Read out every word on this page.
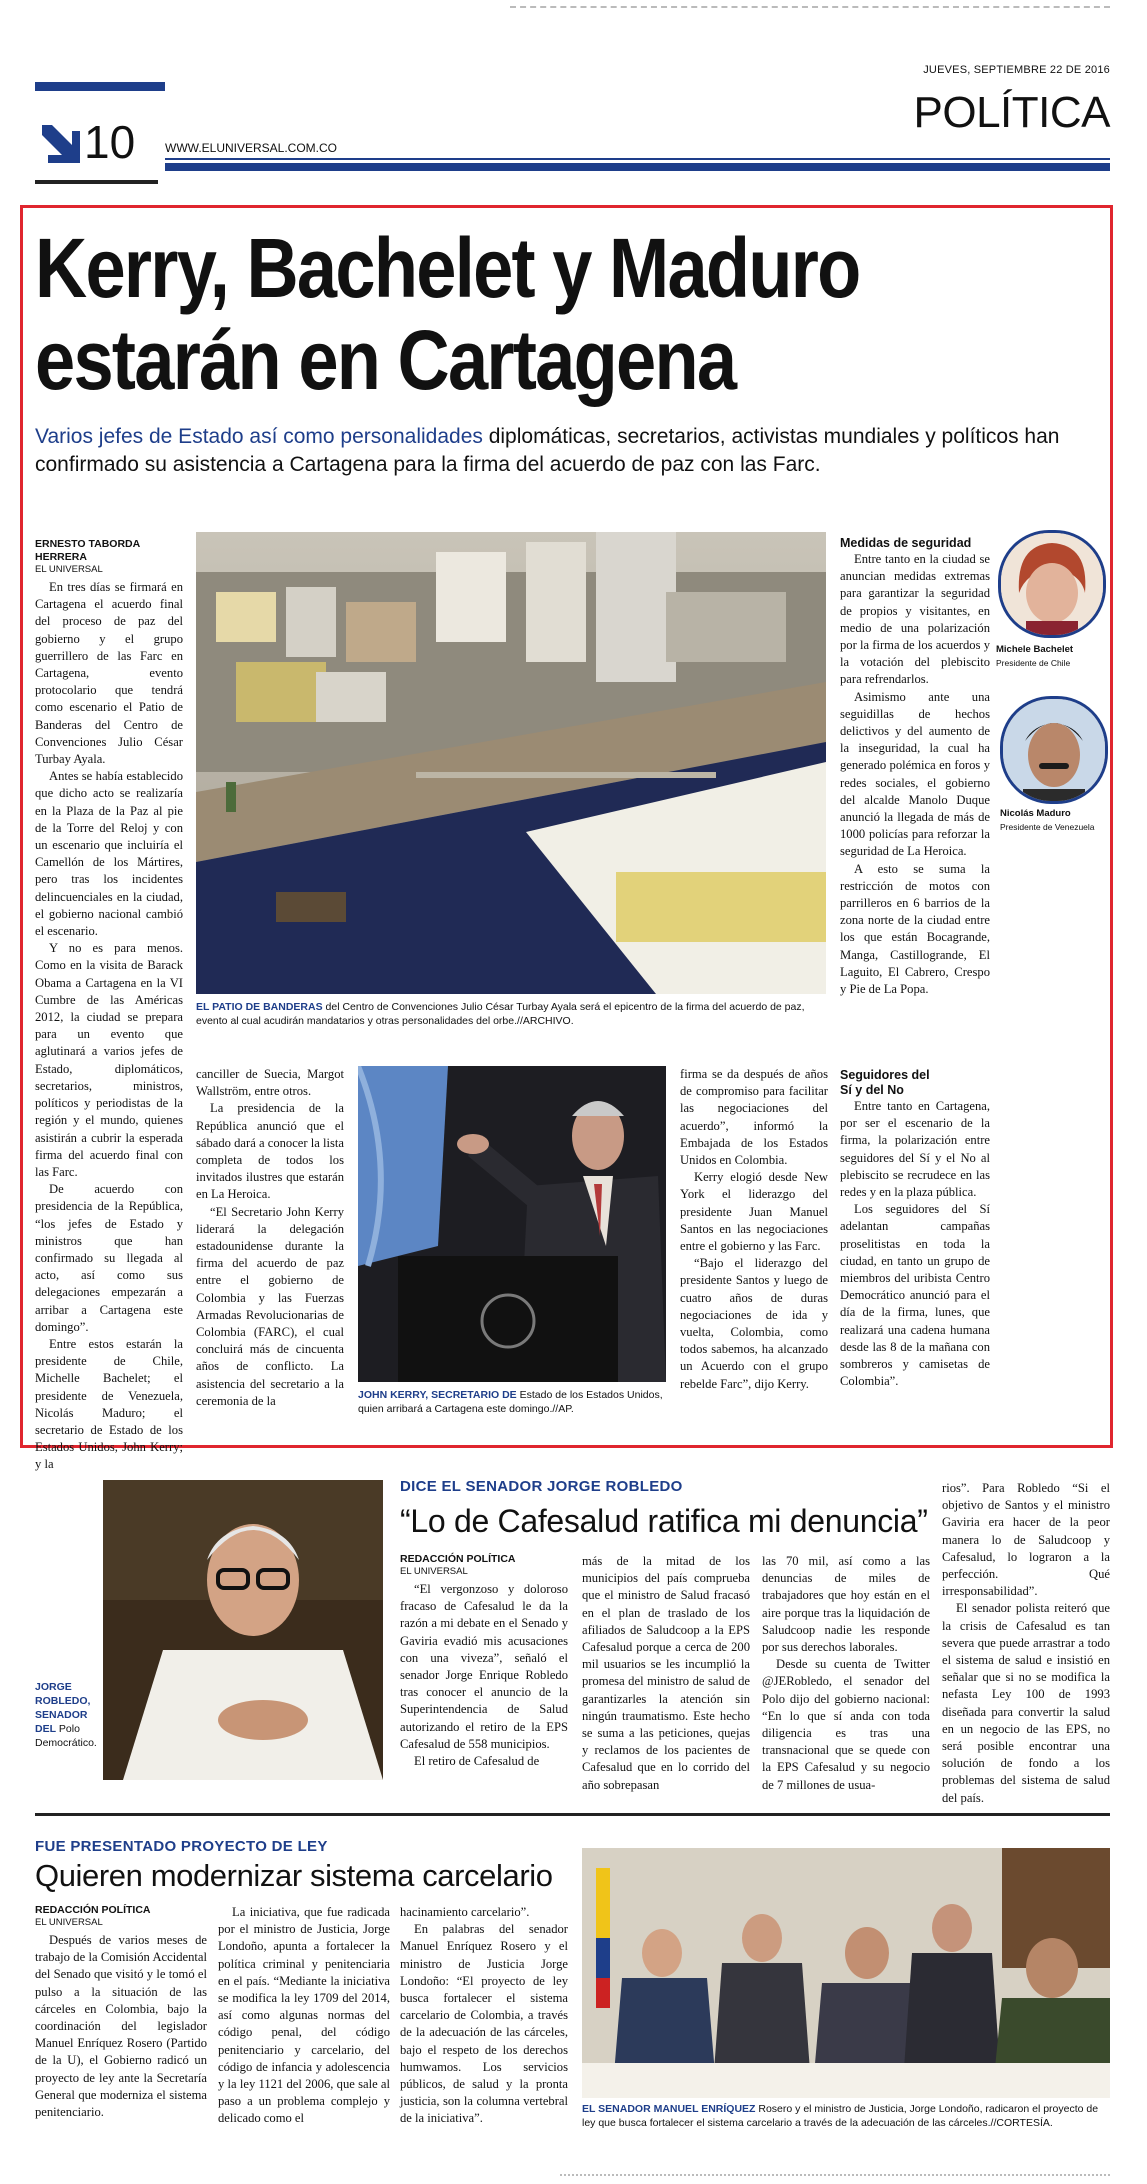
JUEVES, SEPTIEMBRE 22 DE 2016
POLÍTICA
10 WWW.ELUNIVERSAL.COM.CO
Kerry, Bachelet y Maduro
estarán en Cartagena
Varios jefes de Estado así como personalidades diplomáticas, secretarios, activistas mundiales y políticos han confirmado su asistencia a Cartagena para la firma del acuerdo de paz con las Farc.
ERNESTO TABORDA HERRERA
EL UNIVERSAL

En tres días se firmará en Cartagena el acuerdo final del proceso de paz del gobierno y el grupo guerrillero de las Farc en Cartagena, evento protocolario que tendrá como escenario el Patio de Banderas del Centro de Convenciones Julio César Turbay Ayala.

Antes se había establecido que dicho acto se realizaría en la Plaza de la Paz al pie de la Torre del Reloj y con un escenario que incluiría el Camellón de los Mártires, pero tras los incidentes delincuenciales en la ciudad, el gobierno nacional cambió el escenario.

Y no es para menos. Como en la visita de Barack Obama a Cartagena en la VI Cumbre de las Américas 2012, la ciudad se prepara para un evento que aglutinará a varios jefes de Estado, diplomáticos, secretarios, ministros, políticos y periodistas de la región y el mundo, quienes asistirán a cubrir la esperada firma del acuerdo final con las Farc.

De acuerdo con presidencia de la República, “los jefes de Estado y ministros que han confirmado su llegada al acto, así como sus delegaciones empezarán a arribar a Cartagena este domingo”.

Entre estos estarán la presidente de Chile, Michelle Bachelet; el presidente de Venezuela, Nicolás Maduro; el secretario de Estado de los Estados Unidos, John Kerry; y la

EL PATIO DE BANDERAS del Centro de Convenciones Julio César Turbay Ayala será el epicentro de la firma del acuerdo de paz, evento al cual acudirán mandatarios y otras personalidades del orbe.//ARCHIVO.

canciller de Suecia, Margot Wallström, entre otros.

La presidencia de la República anunció que el sábado dará a conocer la lista completa de todos los invitados ilustres que estarán en La Heroica.

“El Secretario John Kerry liderará la delegación estadounidense durante la firma del acuerdo de paz entre el gobierno de Colombia y las Fuerzas Armadas Revolucionarias de Colombia (FARC), el cual concluirá más de cincuenta años de conflicto. La asistencia del secretario a la ceremonia de la	JOHN KERRY, SECRETARIO DE Estado de los Estados Unidos, quien arribará a Cartagena este domingo.//AP.

firma se da después de años de compromiso para facilitar las negociaciones del acuerdo”, informó la Embajada de los Estados Unidos en Colombia.

Kerry elogió desde New York el liderazgo del presidente Juan Manuel Santos en las negociaciones entre el gobierno y las Farc.

“Bajo el liderazgo del presidente Santos y luego de cuatro años de duras negociaciones de ida y vuelta, Colombia, como todos sabemos, ha alcanzado un Acuerdo con el grupo rebelde Farc”, dijo Kerry.

Medidas de seguridad

Entre tanto en la ciudad se anuncian medidas extremas para garantizar la seguridad de propios y visitantes, en medio de una polarización por la firma de los acuerdos y la votación del plebiscito para refrendarlos.

Asimismo ante una seguidillas de hechos delictivos y del aumento de la inseguridad, la cual ha generado polémica en foros y redes sociales, el gobierno del alcalde Manolo Duque anunció la llegada de más de 1000 policías para reforzar la seguridad de La Heroica.

A esto se suma la restricción de motos con parrilleros en 6 barrios de la zona norte de la ciudad entre los que están Bocagrande, Manga, Castillogrande, El Laguito, El Cabrero, Crespo y Pie de La Popa.

Seguidores del
Sí y del No

Entre tanto en Cartagena, por ser el escenario de la firma, la polarización entre seguidores del Sí y el No al plebiscito se recrudece en las redes y en la plaza pública.

Los seguidores del Sí adelantan campañas proselitistas en toda la ciudad, en tanto un grupo de miembros del uribista Centro Democrático anunció para el día de la firma, lunes, que realizará una cadena humana desde las 8 de la mañana con sombreros y camisetas de Colombia”.

Michele Bachelet
Presidente de Chile
Nicolás Maduro
Presidente de Venezuela
JORGE ROBLEDO, SENADOR DEL Polo Democrático.
DICE EL SENADOR JORGE ROBLEDO
“Lo de Cafesalud ratifica mi denuncia”
REDACCIÓN POLÍTICA
EL UNIVERSAL

“El vergonzoso y doloroso fracaso de Cafesalud le da la razón a mi debate en el Senado y Gaviria evadió mis acusaciones con una viveza”, señaló el senador Jorge Enrique Robledo tras conocer el anuncio de la Superintendencia de Salud autorizando el retiro de la EPS Cafesalud de 558 municipios.

El retiro de Cafesalud de

más de la mitad de los municipios del país comprueba que el ministro de Salud fracasó en el plan de traslado de los afiliados de Saludcoop a la EPS Cafesalud porque a cerca de 200 mil usuarios se les incumplió la promesa del ministro de salud de garantizarles la atención sin ningún traumatismo. Este hecho se suma a las peticiones, quejas y reclamos de los pacientes de Cafesalud que en lo corrido del año sobrepasan

las 70 mil, así como a las denuncias de miles de trabajadores que hoy están en el aire porque tras la liquidación de Saludcoop nadie les responde por sus derechos laborales.

Desde su cuenta de Twitter @JERobledo, el senador del Polo dijo del gobierno nacional: “En lo que sí anda con toda diligencia es tras una transnacional que se quede con la EPS Cafesalud y su negocio de 7 millones de usua-

rios”. Para Robledo “Si el objetivo de Santos y el ministro Gaviria era hacer de la peor manera lo de Saludcoop y Cafesalud, lo lograron a la perfección. Qué irresponsabilidad”.

El senador polista reiteró que la crisis de Cafesalud es tan severa que puede arrastrar a todo el sistema de salud e insistió en señalar que si no se modifica la nefasta Ley 100 de 1993 diseñada para convertir la salud en un negocio de las EPS, no será posible encontrar una solución de fondo a los problemas del sistema de salud del país.

FUE PRESENTADO PROYECTO DE LEY
Quieren modernizar sistema carcelario
REDACCIÓN POLÍTICA
EL UNIVERSAL

Después de varios meses de trabajo de la Comisión Accidental del Senado que visitó y le tomó el pulso a la situación de las cárceles en Colombia, bajo la coordinación del legislador Manuel Enríquez Rosero (Partido de la U), el Gobierno radicó un proyecto de ley ante la Secretaría General que moderniza el sistema penitenciario.

La iniciativa, que fue radicada por el ministro de Justicia, Jorge Londoño, apunta a fortalecer la política criminal y penitenciaria en el país. “Mediante la iniciativa se modifica la ley 1709 del 2014, así como algunas normas del código penal, del código penitenciario y carcelario, del código de infancia y adolescencia y la ley 1121 del 2006, que sale al paso a un problema complejo y delicado como el

hacinamiento carcelario”.

En palabras del senador Manuel Enríquez Rosero y el ministro de Justicia Jorge Londoño: “El proyecto de ley busca fortalecer el sistema carcelario de Colombia, a través de la adecuación de las cárceles, bajo el respeto de los derechos humwamos. Los servicios públicos, de salud y la pronta justicia, son la columna vertebral de la iniciativa”.

EL SENADOR MANUEL ENRÍQUEZ Rosero y el ministro de Justicia, Jorge Londoño, radicaron el proyecto de ley que busca fortalecer el sistema carcelario a través de la adecuación de las cárceles.//CORTESÍA.
